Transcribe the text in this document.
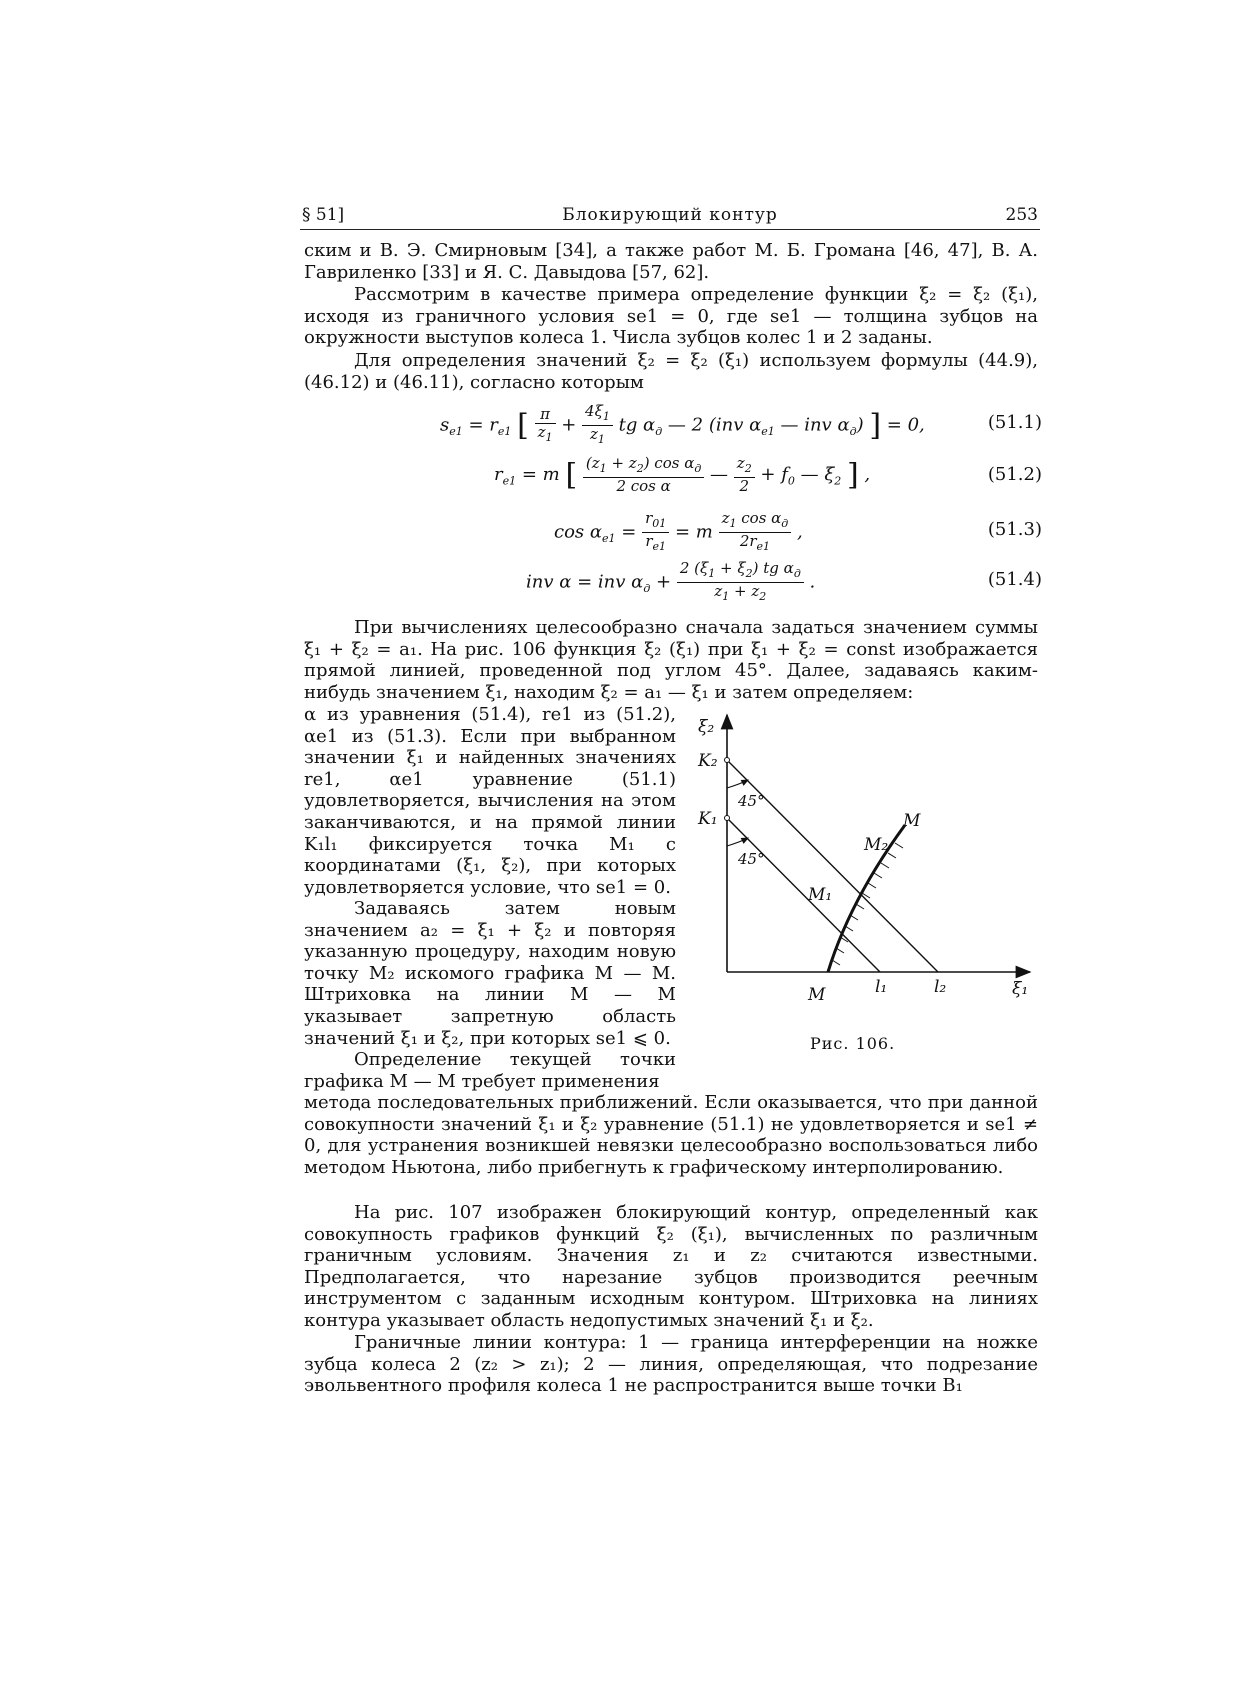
§ 51]	Блокирующий контур	253

ским и В. Э. Смирновым [34], а также работ М. Б. Громана [46, 47], В. А. Гавриленко [33] и Я. С. Давыдова [57, 62].

Рассмотрим в качестве примера определение функции ξ₂ = ξ₂ (ξ₁), исходя из граничного условия sе1 = 0, где sе1 — толщина зубцов на окружности выступов колеса 1. Числа зубцов колес 1 и 2 заданы.

Для определения значений ξ₂ = ξ₂ (ξ₁) используем формулы (44.9), (46.12) и (46.11), согласно которым

$s_{e1} = r_{e1}$ [ $\frac{\pi}{z_1} + \frac{4\xi_1}{z_1}$ tg $\alpha_д$ — 2 (inv $\alpha_{e1}$ — inv $\alpha_д$) ] = 0,	(51.1)
$r_{e1} = m$ [ $\frac{(z_1 + z_2) \cos \alpha_д}{\text{2 cos α}}$ — $\frac{z_2}{2} + f_0$ — $\xi_2$ ] ,	(51.2)
$\cos \alpha_{e1} = \frac{r_{01}}{r_{e1}} = m \frac{z_1 \cos \alpha_д}{2r_{e1}}$ ,	(51.3)
inv α = inv $\alpha_д + \frac{2 (\xi_1 + \xi_2) tg \alpha_д}{z_1 + z_2}$ .	(51.4)

При вычислениях целесообразно сначала задаться значением суммы ξ₁ + ξ₂ = a₁. На рис. 106 функция ξ₂ (ξ₁) при ξ₁ + ξ₂ = const изображается прямой линией, проведенной под углом 45°. Далее, задаваясь каким-нибудь значением ξ₁, находим ξ₂ = a₁ — ξ₁ и затем определяем:

α из уравнения (51.4), rе1 из (51.2), αе1 из (51.3). Если при выбранном значении ξ₁ и найденных значениях rе1, αе1 уравнение (51.1) удовлетворяется, вычисления на этом заканчиваются, и на прямой линии K₁l₁ фиксируется точка M₁ с координатами (ξ₁, ξ₂), при которых удовлетворяется условие, что sе1 = 0.

Задаваясь затем новым значением a₂ = ξ₁ + ξ₂ и повторяя указанную процедуру, находим новую точку M₂ искомого графика M — M. Штриховка на линии M — M указывает запретную область значений ξ₁ и ξ₂, при которых sе1 ⩽ 0.

Определение текущей точки графика M — M требует применения

метода последовательных приближений. Если оказывается, что при данной совокупности значений ξ₁ и ξ₂ уравнение (51.1) не удовлетворяется и sе1 ≠ 0, для устранения возникшей невязки целесообразно воспользоваться либо методом Ньютона, либо прибегнуть к графическому интерполированию.

На рис. 107 изображен блокирующий контур, определенный как совокупность графиков функций ξ₂ (ξ₁), вычисленных по различным граничным условиям. Значения z₁ и z₂ считаются известными. Предполагается, что нарезание зубцов производится реечным инструментом с заданным исходным контуром. Штриховка на линиях контура указывает область недопустимых значений ξ₁ и ξ₂.

Граничные линии контура: 1 — граница интерференции на ножке зубца колеса 2 (z₂ > z₁); 2 — линия, определяющая, что подрезание эвольвентного профиля колеса 1 не распространится выше точки B₁

ξ₂
K₂
K₁
45°
45°
M
M₂
M₁
M	l₁	l₂	ξ₁
Рис. 106.
